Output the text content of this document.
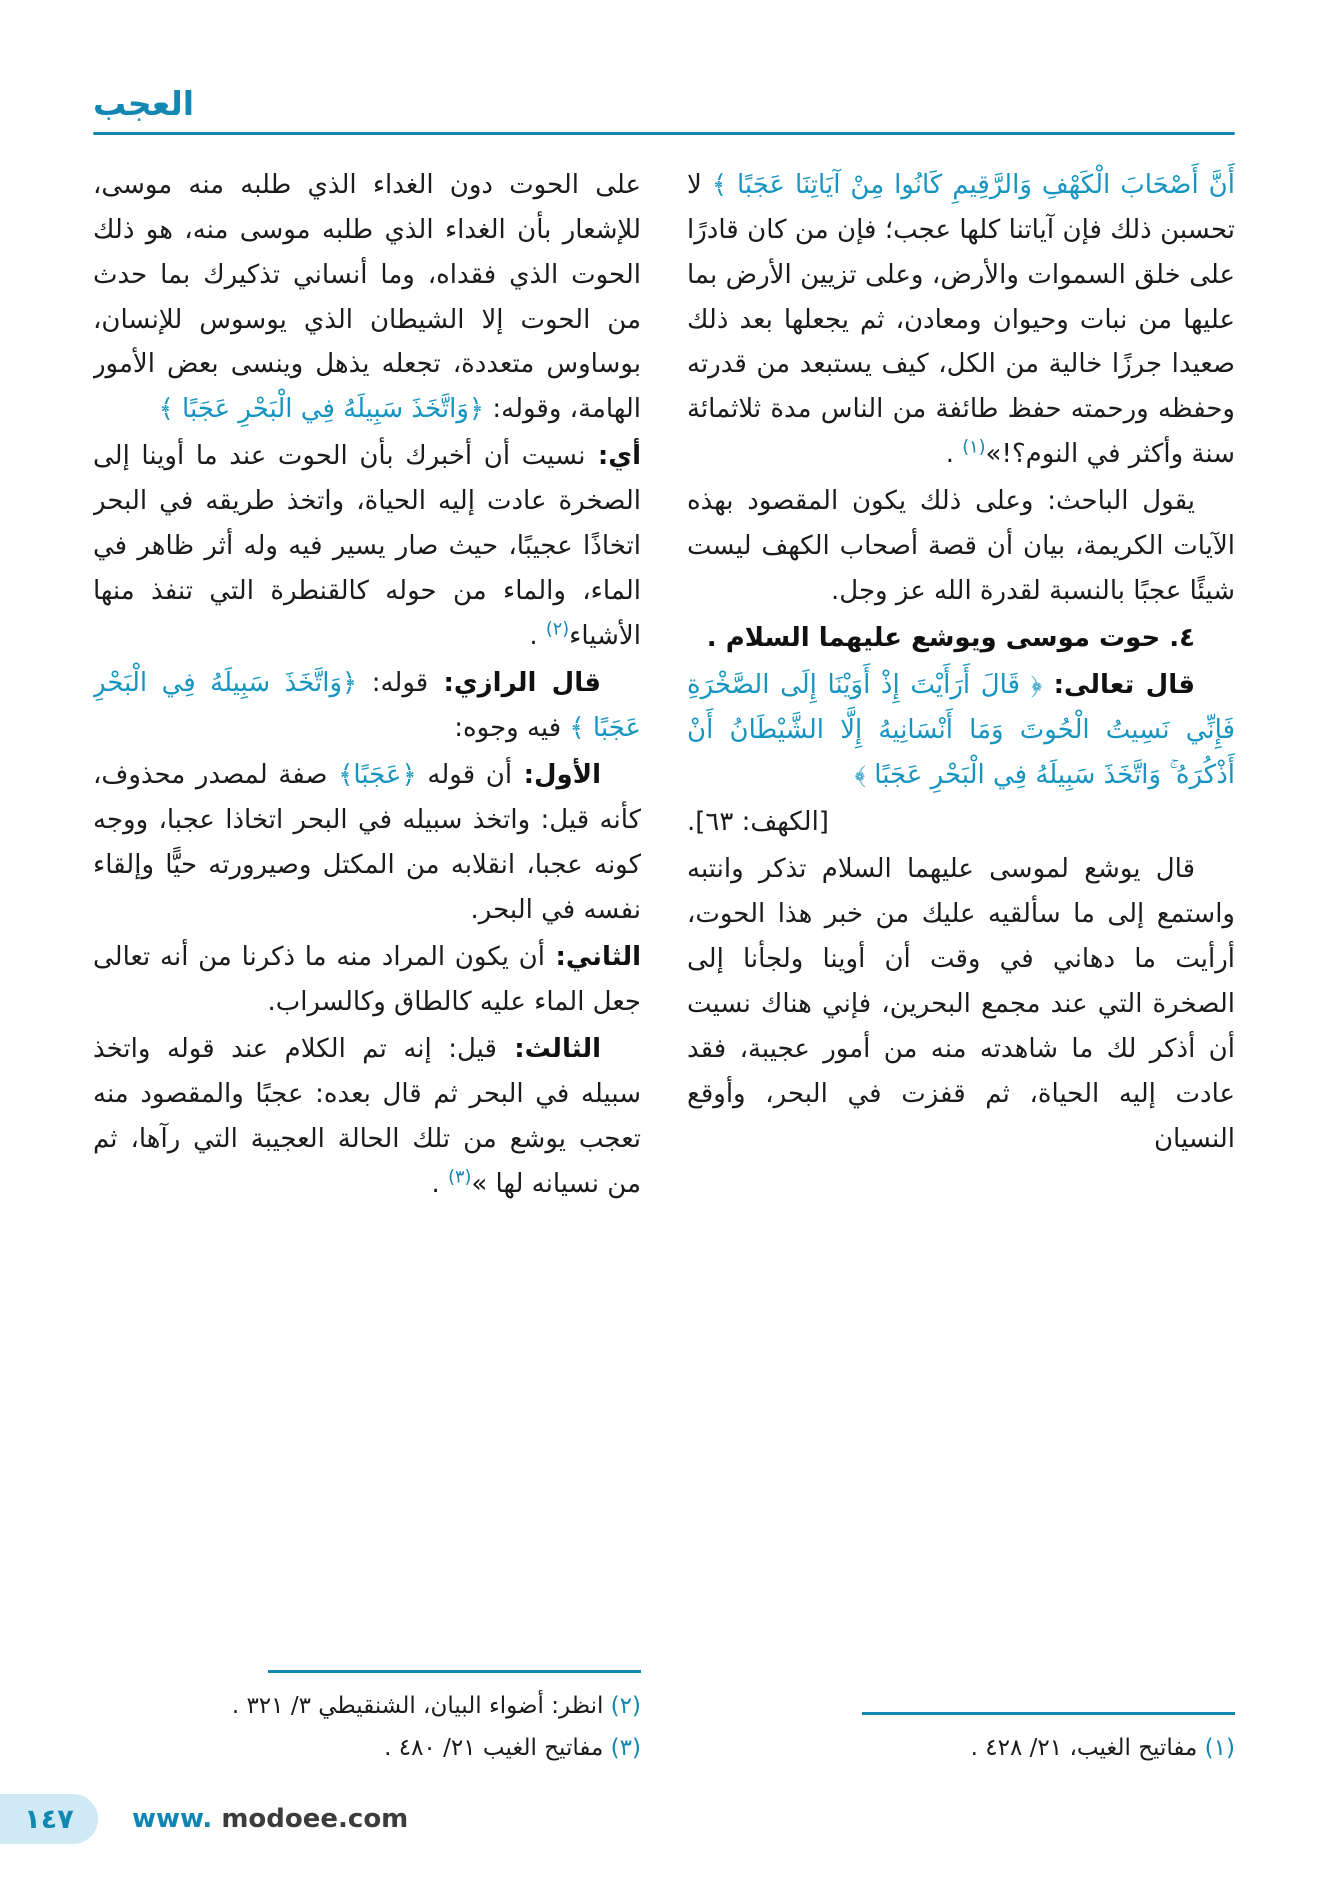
العجب

أَنَّ أَصْحَابَ الْكَهْفِ وَالرَّقِيمِ كَانُوا مِنْ آيَاتِنَا عَجَبًا ﴾ لا تحسبن ذلك فإن آياتنا كلها عجب؛ فإن من كان قادرًا على خلق السموات والأرض، وعلى تزيين الأرض بما عليها من نبات وحيوان ومعادن، ثم يجعلها بعد ذلك صعيدا جرزًا خالية من الكل، كيف يستبعد من قدرته وحفظه ورحمته حفظ طائفة من الناس مدة ثلاثمائة سنة وأكثر في النوم؟!»$^{(١)}$ .

يقول الباحث: وعلى ذلك يكون المقصود بهذه الآيات الكريمة، بيان أن قصة أصحاب الكهف ليست شيئًا عجبًا بالنسبة لقدرة الله عز وجل.

٤. حوت موسى ويوشع عليهما السلام .

قال تعالى: ﴿ قَالَ أَرَأَيْتَ إِذْ أَوَيْنَا إِلَى الصَّخْرَةِ فَإِنِّي نَسِيتُ الْحُوتَ وَمَا أَنْسَانِيهُ إِلَّا الشَّيْطَانُ أَنْ أَذْكُرَهُ ۚ وَاتَّخَذَ سَبِيلَهُ فِي الْبَحْرِ عَجَبًا ﴾

[الكهف: ٦٣].

قال يوشع لموسى عليهما السلام تذكر وانتبه واستمع إلى ما سألقيه عليك من خبر هذا الحوت، أرأيت ما دهاني في وقت أن أوينا ولجأنا إلى الصخرة التي عند مجمع البحرين، فإني هناك نسيت أن أذكر لك ما شاهدته منه من أمور عجيبة، فقد عادت إليه الحياة، ثم قفزت في البحر، وأوقع النسيان

(١) مفاتيح الغيب، ٢١/ ٤٢٨ .

على الحوت دون الغداء الذي طلبه منه موسى، للإشعار بأن الغداء الذي طلبه موسى منه، هو ذلك الحوت الذي فقداه، وما أنساني تذكيرك بما حدث من الحوت إلا الشيطان الذي يوسوس للإنسان، بوساوس متعددة، تجعله يذهل وينسى بعض الأمور الهامة، وقوله: ﴿وَاتَّخَذَ سَبِيلَهُ فِي الْبَحْرِ عَجَبًا ﴾

أي: نسيت أن أخبرك بأن الحوت عند ما أوينا إلى الصخرة عادت إليه الحياة، واتخذ طريقه في البحر اتخاذًا عجيبًا، حيث صار يسير فيه وله أثر ظاهر في الماء، والماء من حوله كالقنطرة التي تنفذ منها الأشياء$^{(٢)}$ .

قال الرازي: قوله: ﴿وَاتَّخَذَ سَبِيلَهُ فِي الْبَحْرِ عَجَبًا ﴾ فيه وجوه:

الأول: أن قوله ﴿عَجَبًا﴾ صفة لمصدر محذوف، كأنه قيل: واتخذ سبيله في البحر اتخاذا عجبا، ووجه كونه عجبا، انقلابه من المكتل وصيرورته حيًّا وإلقاء نفسه في البحر.

الثاني: أن يكون المراد منه ما ذكرنا من أنه تعالى جعل الماء عليه كالطاق وكالسراب.

الثالث: قيل: إنه تم الكلام عند قوله واتخذ سبيله في البحر ثم قال بعده: عجبًا والمقصود منه تعجب يوشع من تلك الحالة العجيبة التي رآها، ثم من نسيانه لها »$^{(٣)}$ .

(٢) انظر: أضواء البيان، الشنقيطي ٣/ ٣٢١ .

(٣) مفاتيح الغيب ٢١/ ٤٨٠ .

١٤٧ www. modoee.com
